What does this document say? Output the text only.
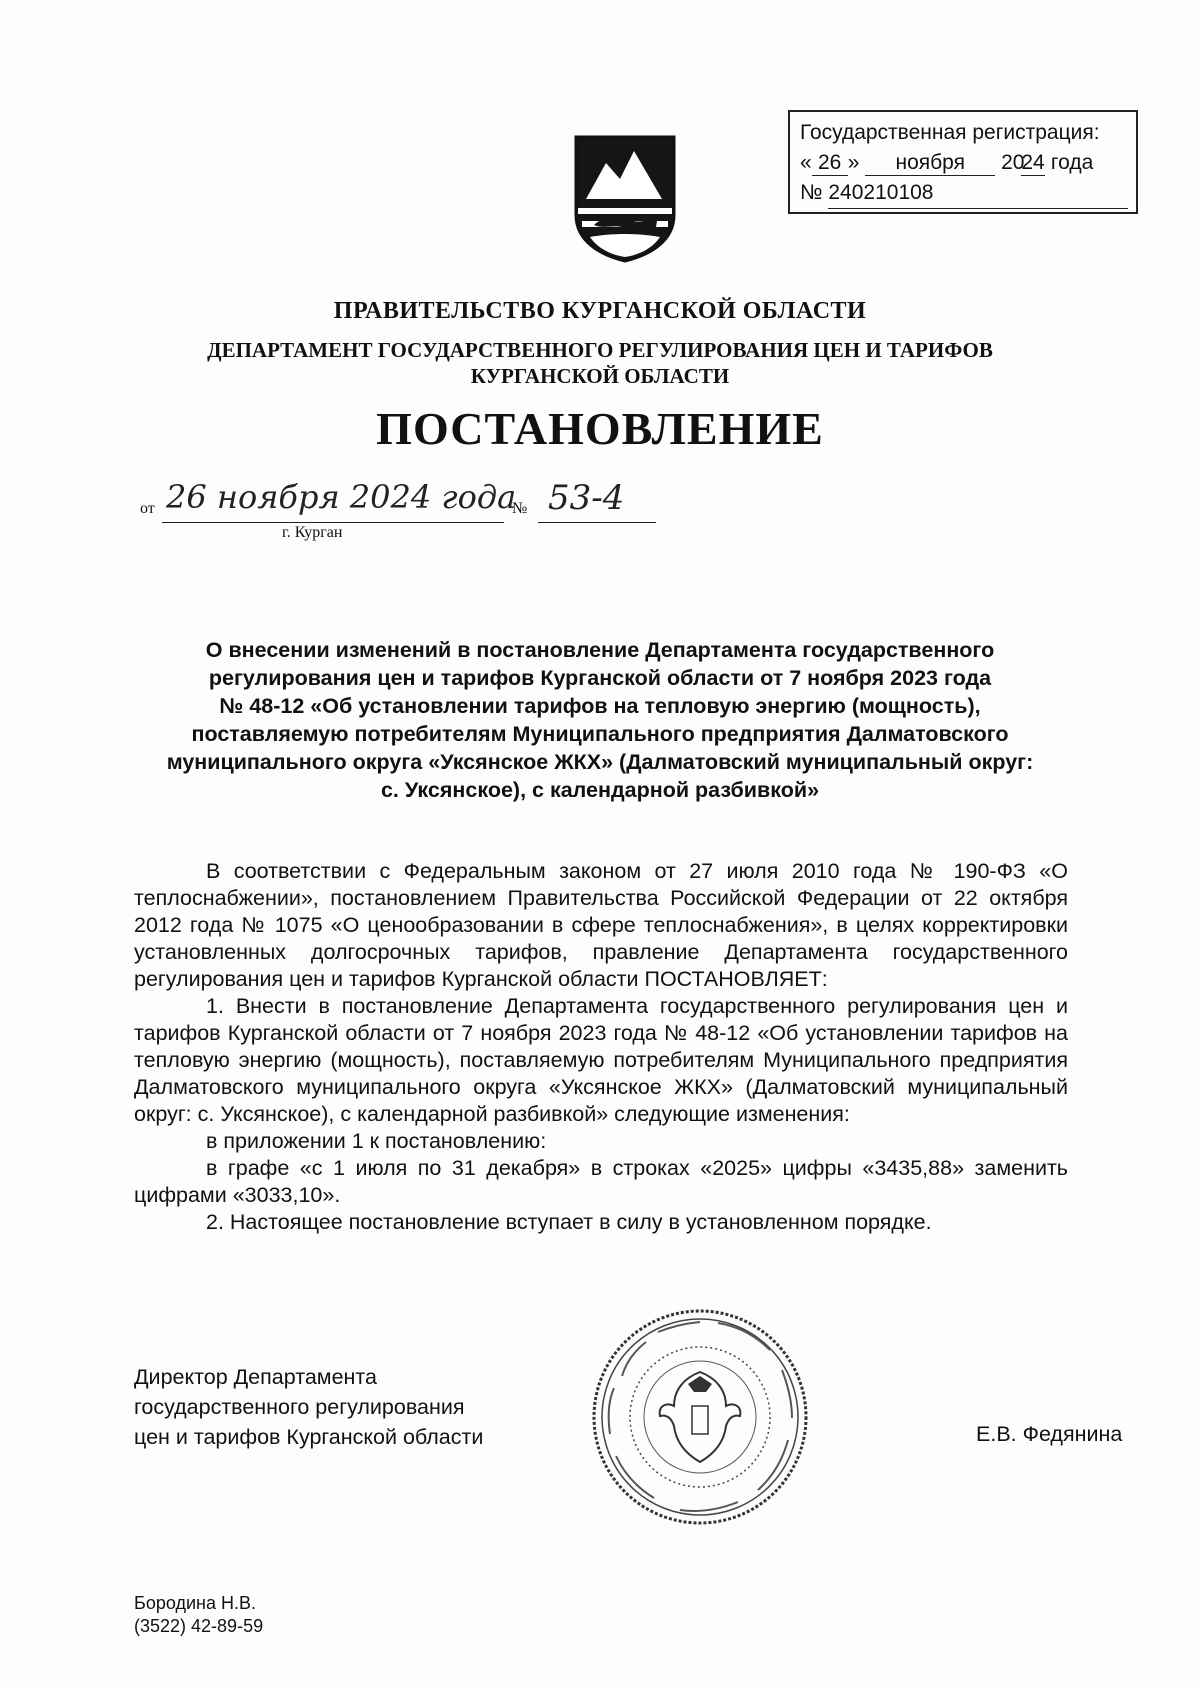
Государственная регистрация:
« 26 » ноября 2024 года
№ 240210108
ПРАВИТЕЛЬСТВО КУРГАНСКОЙ ОБЛАСТИ
ДЕПАРТАМЕНТ ГОСУДАРСТВЕННОГО РЕГУЛИРОВАНИЯ ЦЕН И ТАРИФОВ
КУРГАНСКОЙ ОБЛАСТИ
ПОСТАНОВЛЕНИЕ
от 26 ноября 2024 года
№ 53-4
г. Курган
О внесении изменений в постановление Департамента государственного
регулирования цен и тарифов Курганской области от 7 ноября 2023 года
№ 48-12 «Об установлении тарифов на тепловую энергию (мощность),
поставляемую потребителям Муниципального предприятия Далматовского
муниципального округа «Уксянское ЖКХ» (Далматовский муниципальный округ:
с. Уксянское), с календарной разбивкой»

В соответствии с Федеральным законом от 27 июля 2010 года № 190-ФЗ «О теплоснабжении», постановлением Правительства Российской Федерации от 22 октября 2012 года № 1075 «О ценообразовании в сфере теплоснабжения», в целях корректировки установленных долгосрочных тарифов, правление Департамента государственного регулирования цен и тарифов Курганской области ПОСТАНОВЛЯЕТ:

1. Внести в постановление Департамента государственного регулирования цен и тарифов Курганской области от 7 ноября 2023 года № 48-12 «Об установлении тарифов на тепловую энергию (мощность), поставляемую потребителям Муниципального предприятия Далматовского муниципального округа «Уксянское ЖКХ» (Далматовский муниципальный округ: с. Уксянское), с календарной разбивкой» следующие изменения:

в приложении 1 к постановлению:

в графе «с 1 июля по 31 декабря» в строках «2025» цифры «3435,88» заменить цифрами «3033,10».

2. Настоящее постановление вступает в силу в установленном порядке.

Директор Департамента
государственного регулирования
цен и тарифов Курганской области	Е.В. Федянина
Бородина Н.В.
(3522) 42-89-59
